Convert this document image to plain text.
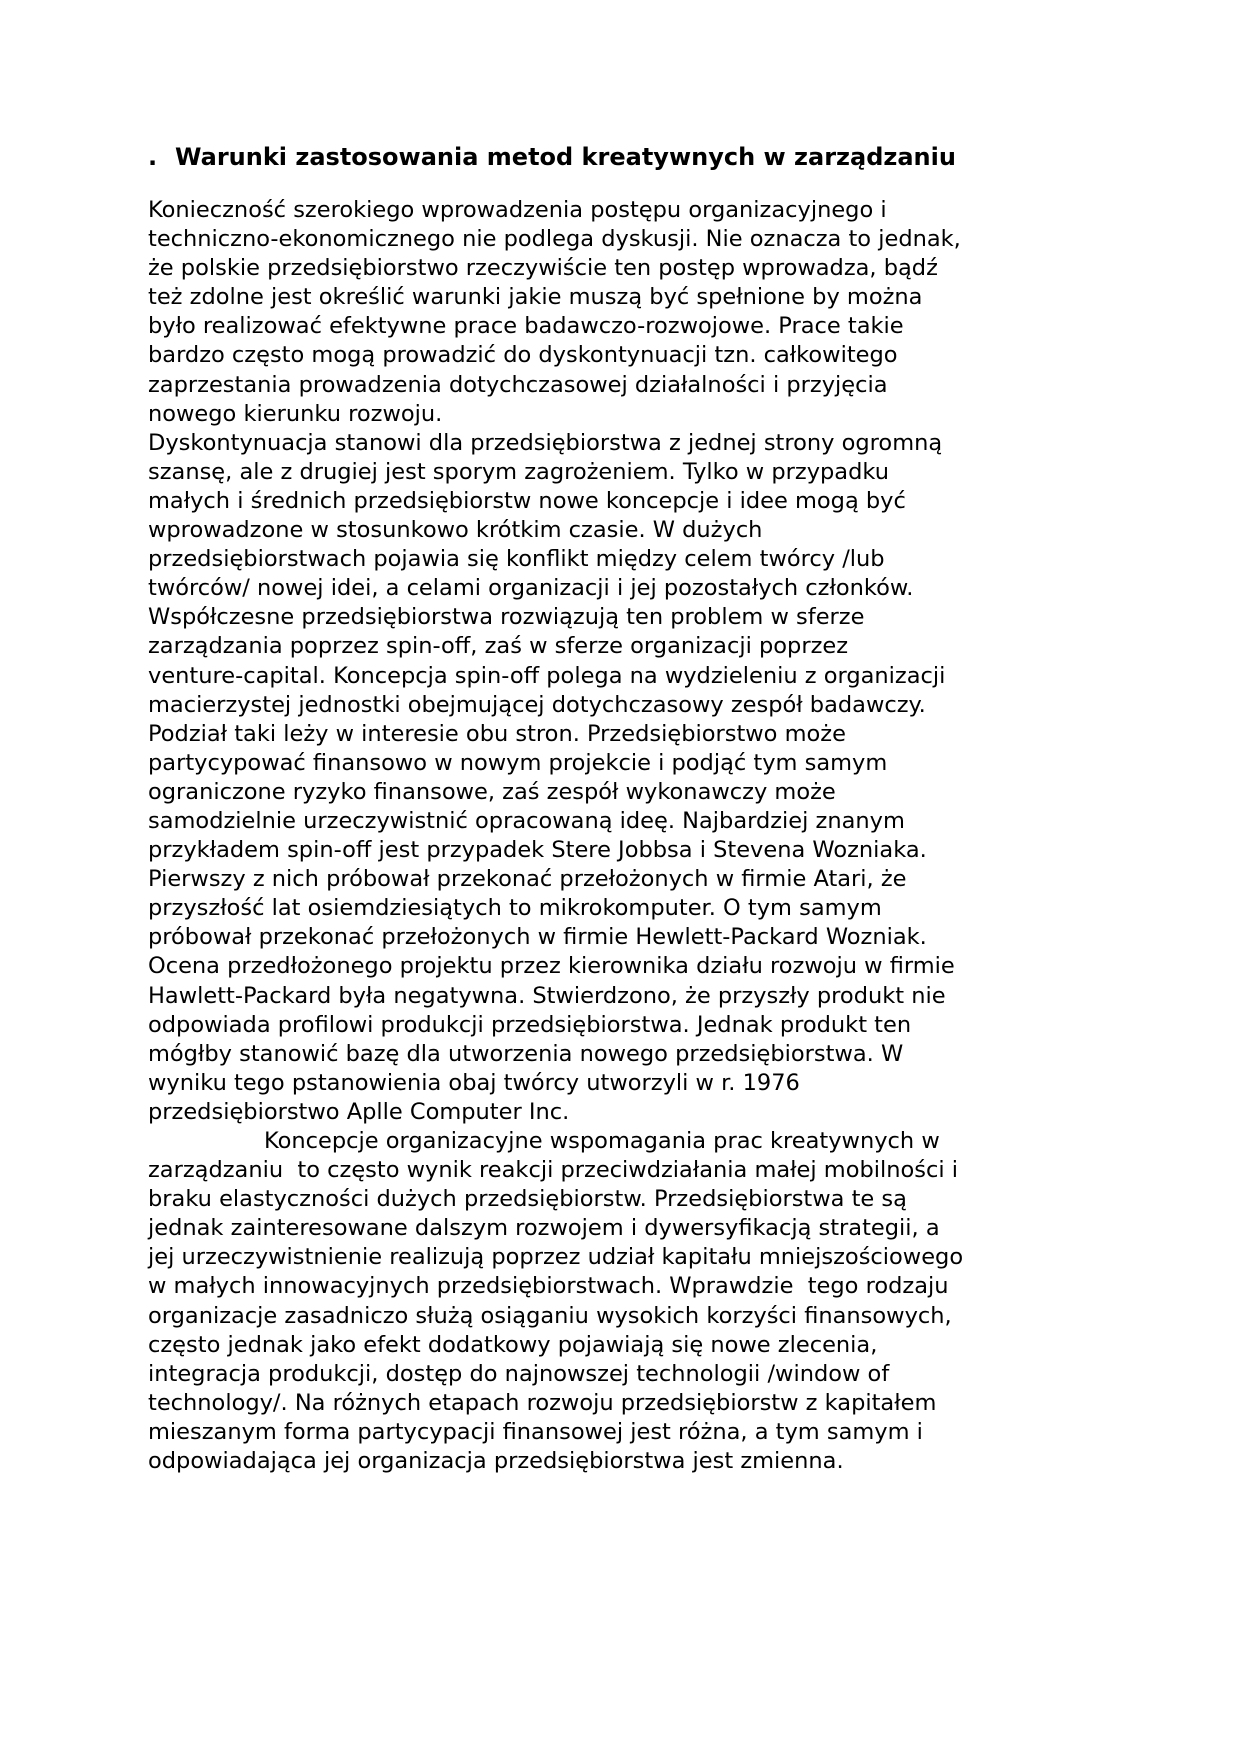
. Warunki zastosowania metod kreatywnych w zarządzaniu
Konieczność szerokiego wprowadzenia postępu organizacyjnego i
techniczno-ekonomicznego nie podlega dyskusji. Nie oznacza to jednak,
że polskie przedsiębiorstwo rzeczywiście ten postęp wprowadza, bądź
też zdolne jest określić warunki jakie muszą być spełnione by można
było realizować efektywne prace badawczo-rozwojowe. Prace takie
bardzo często mogą prowadzić do dyskontynuacji tzn. całkowitego
zaprzestania prowadzenia dotychczasowej działalności i przyjęcia
nowego kierunku rozwoju.
Dyskontynuacja stanowi dla przedsiębiorstwa z jednej strony ogromną
szansę, ale z drugiej jest sporym zagrożeniem. Tylko w przypadku
małych i średnich przedsiębiorstw nowe koncepcje i idee mogą być
wprowadzone w stosunkowo krótkim czasie. W dużych
przedsiębiorstwach pojawia się konflikt między celem twórcy /lub
twórców/ nowej idei, a celami organizacji i jej pozostałych członków.
Współczesne przedsiębiorstwa rozwiązują ten problem w sferze
zarządzania poprzez spin-off, zaś w sferze organizacji poprzez
venture-capital. Koncepcja spin-off polega na wydzieleniu z organizacji
macierzystej jednostki obejmującej dotychczasowy zespół badawczy.
Podział taki leży w interesie obu stron. Przedsiębiorstwo może
partycypować finansowo w nowym projekcie i podjąć tym samym
ograniczone ryzyko finansowe, zaś zespół wykonawczy może
samodzielnie urzeczywistnić opracowaną ideę. Najbardziej znanym
przykładem spin-off jest przypadek Stere Jobbsa i Stevena Wozniaka.
Pierwszy z nich próbował przekonać przełożonych w firmie Atari, że
przyszłość lat osiemdziesiątych to mikrokomputer. O tym samym
próbował przekonać przełożonych w firmie Hewlett-Packard Wozniak.
Ocena przedłożonego projektu przez kierownika działu rozwoju w firmie
Hawlett-Packard była negatywna. Stwierdzono, że przyszły produkt nie
odpowiada profilowi produkcji przedsiębiorstwa. Jednak produkt ten
mógłby stanowić bazę dla utworzenia nowego przedsiębiorstwa. W
wyniku tego pstanowienia obaj twórcy utworzyli w r. 1976
przedsiębiorstwo Aplle Computer Inc.
Koncepcje organizacyjne wspomagania prac kreatywnych w
zarządzaniu  to często wynik reakcji przeciwdziałania małej mobilności i
braku elastyczności dużych przedsiębiorstw. Przedsiębiorstwa te są
jednak zainteresowane dalszym rozwojem i dywersyfikacją strategii, a
jej urzeczywistnienie realizują poprzez udział kapitału mniejszościowego
w małych innowacyjnych przedsiębiorstwach. Wprawdzie  tego rodzaju
organizacje zasadniczo służą osiąganiu wysokich korzyści finansowych,
często jednak jako efekt dodatkowy pojawiają się nowe zlecenia,
integracja produkcji, dostęp do najnowszej technologii /window of
technology/. Na różnych etapach rozwoju przedsiębiorstw z kapitałem
mieszanym forma partycypacji finansowej jest różna, a tym samym i
odpowiadająca jej organizacja przedsiębiorstwa jest zmienna.
